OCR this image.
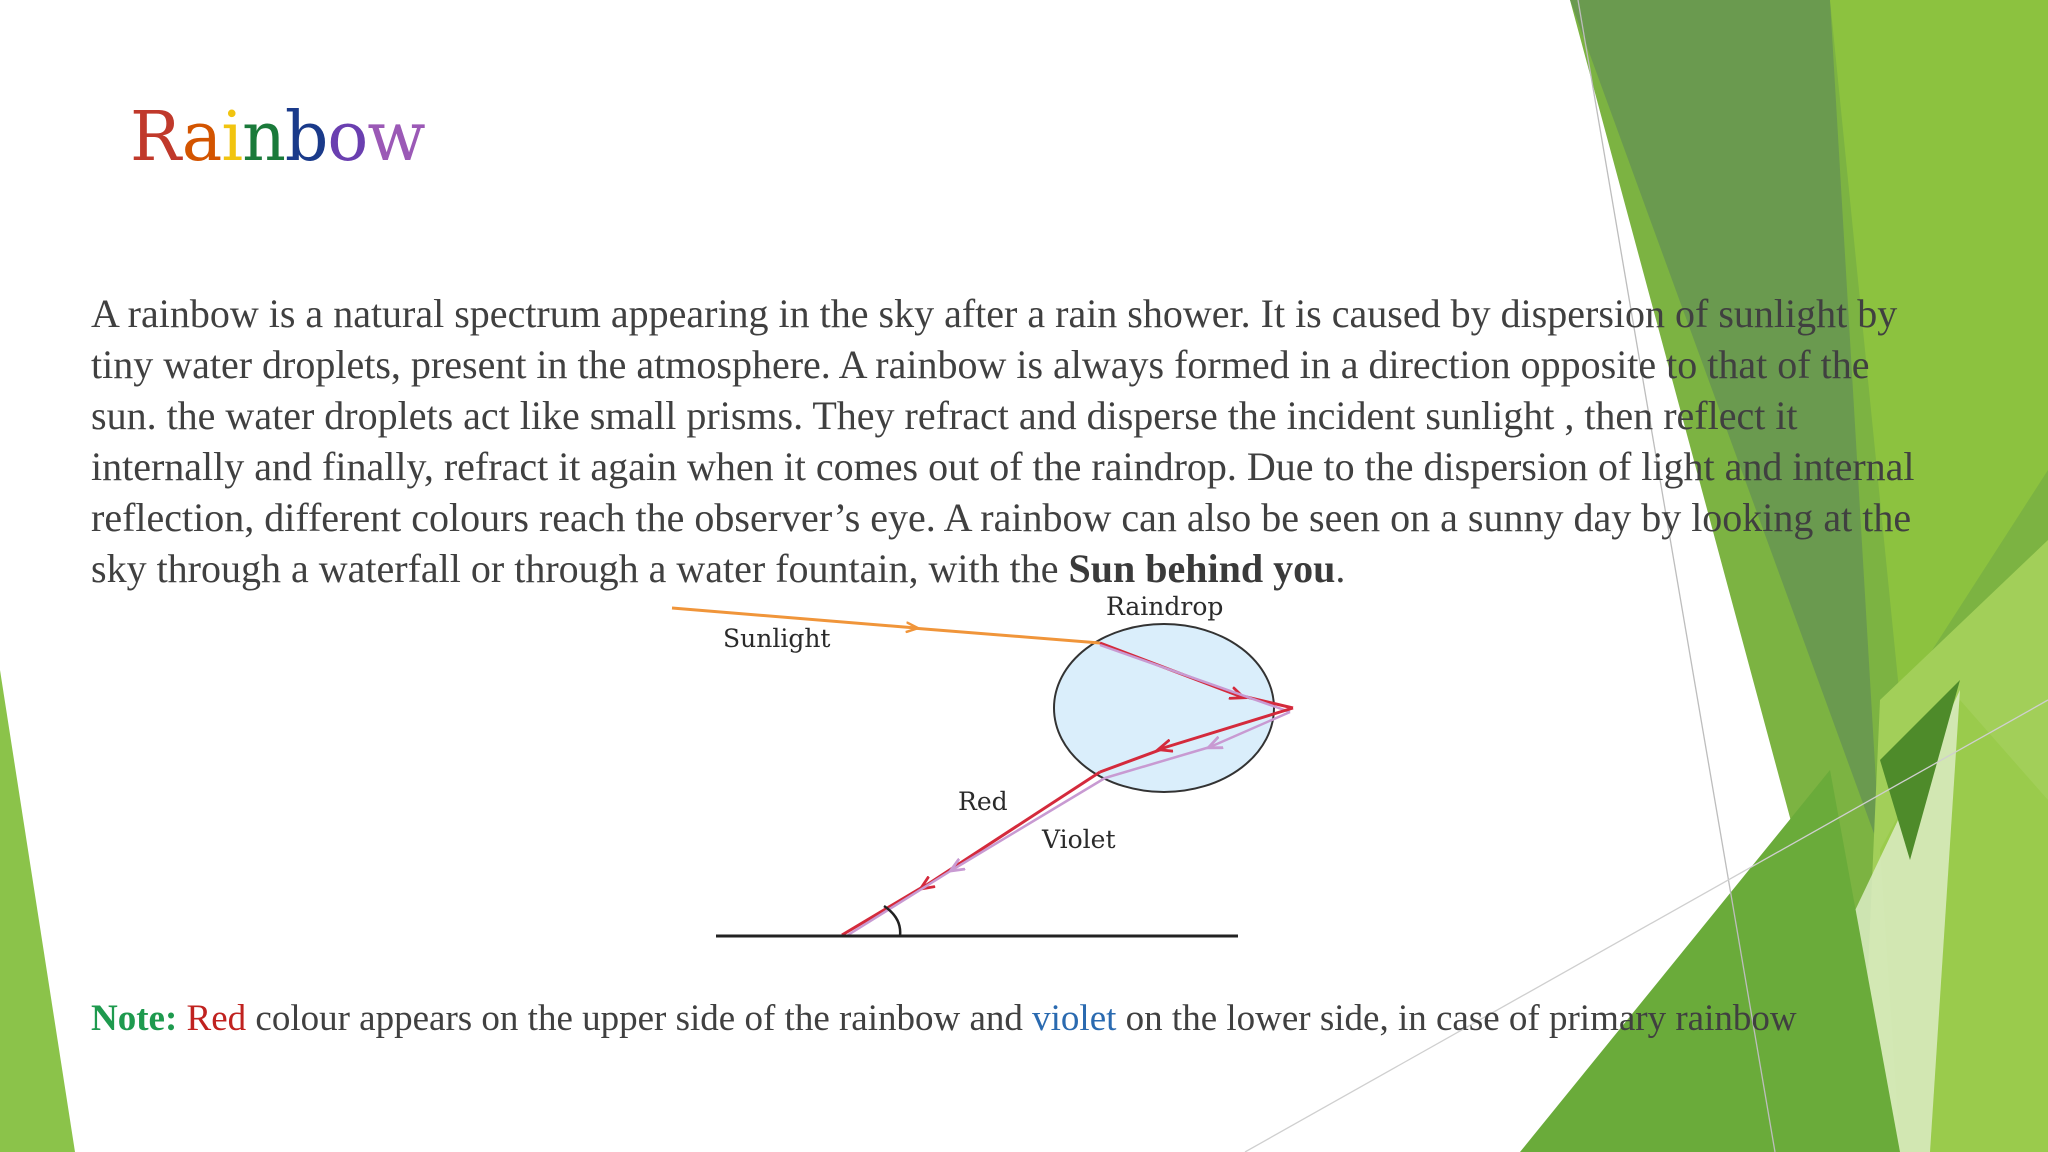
Rainbow

A rainbow is a natural spectrum appearing in the sky after a rain shower. It is caused by dispersion of sunlight by tiny water droplets, present in the atmosphere. A rainbow is always formed in a direction opposite to that of the sun. the water droplets act like small prisms. They refract and disperse the incident sunlight , then reflect it internally and finally, refract it again when it comes out of the raindrop. Due to the dispersion of light and internal reflection, different colours reach the observer’s eye. A rainbow can also be seen on a sunny day by looking at the sky through a waterfall or through a water fountain, with the Sun behind you.

Sunlight
Raindrop
Red
Violet

Note: Red colour appears on the upper side of the rainbow and violet on the lower side, in case of primary rainbow
